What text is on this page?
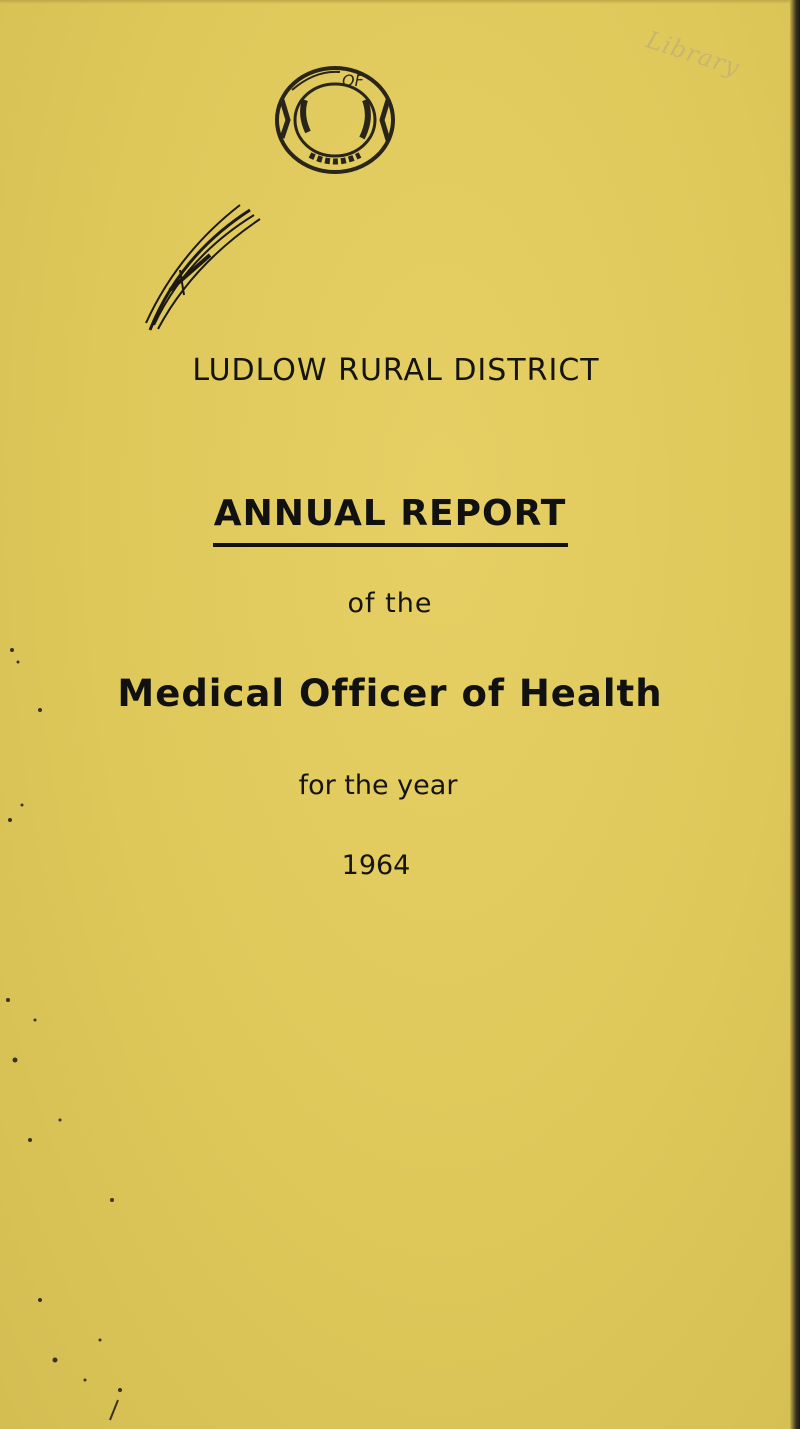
OF	Library
LUDLOW RURAL DISTRICT
ANNUAL REPORT
of the
Medical Officer of Health
for the year
1964
